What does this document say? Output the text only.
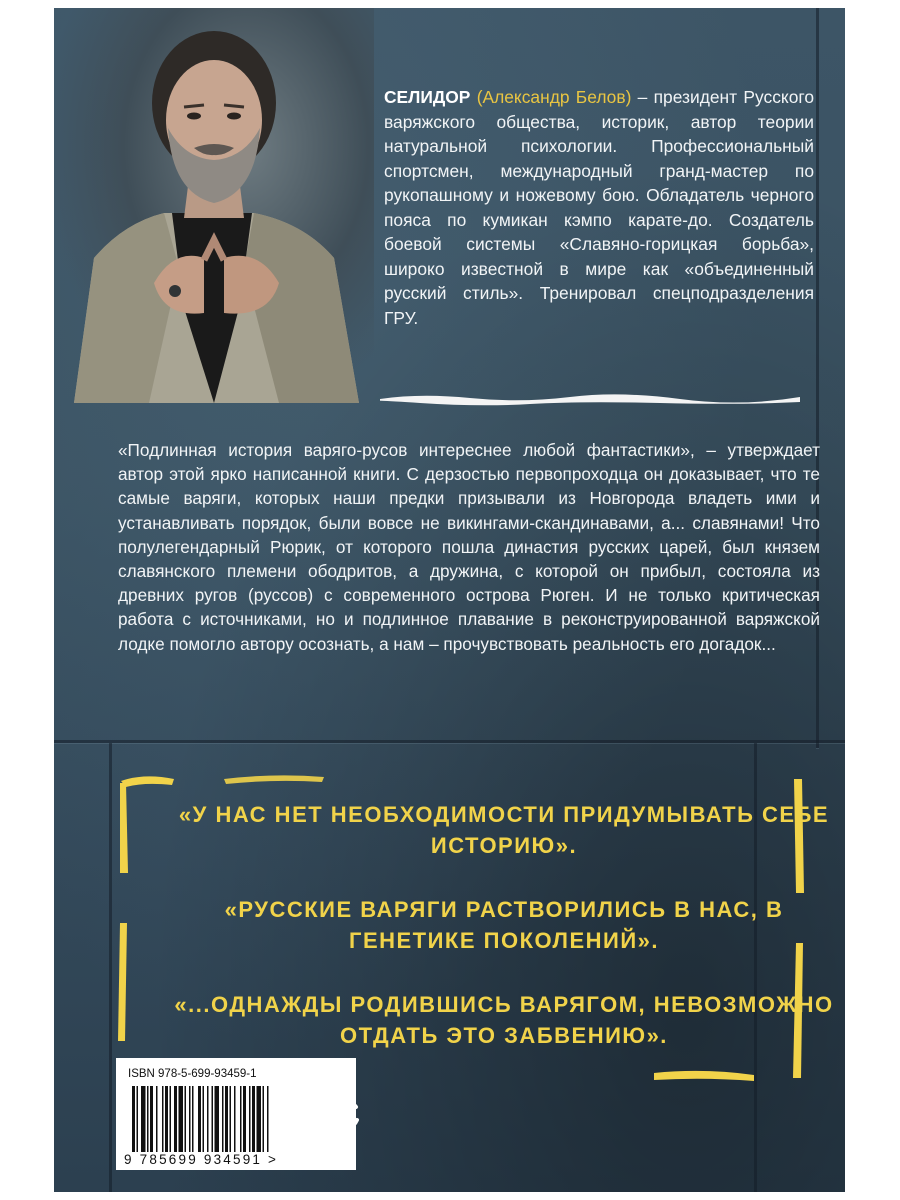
СЕЛИДОР (Александр Белов) – президент Русского варяжского общества, историк, автор теории натуральной психологии. Профессиональный спортсмен, международный гранд-мастер по рукопашному и ножевому бою. Обладатель черного пояса по кумикан кэмпо карате-до. Создатель боевой системы «Славяно-горицкая борьба», широко известной в мире как «объединенный русский стиль». Тренировал спецподразделения ГРУ.

«Подлинная история варяго-русов интереснее любой фантастики», – утверждает автор этой ярко написанной книги. С дерзостью первопроходца он доказывает, что те самые варяги, которых наши предки призывали из Новгорода владеть ими и устанавливать порядок, были вовсе не викингами-скандинавами, а... славянами! Что полулегендарный Рюрик, от которого пошла династия русских царей, был князем славянского племени ободритов, а дружина, с которой он прибыл, состояла из древних ругов (руссов) с современного острова Рюген. И не только критическая работа с источниками, но и подлинное плавание в реконструированной варяжской лодке помогло автору осознать, а нам – прочувствовать реальность его догадок...

«У НАС НЕТ НЕОБХОДИМОСТИ ПРИДУМЫВАТЬ СЕБЕ ИСТОРИЮ».

«РУССКИЕ ВАРЯГИ РАСТВОРИЛИСЬ В НАС, В ГЕНЕТИКЕ ПОКОЛЕНИЙ».

«...ОДНАЖДЫ РОДИВШИСЬ ВАРЯГОМ, НЕВОЗМОЖНО ОТДАТЬ ЭТО ЗАБВЕНИЮ».

ISBN 978-5-699-93459-1
9 785699 934591 >
